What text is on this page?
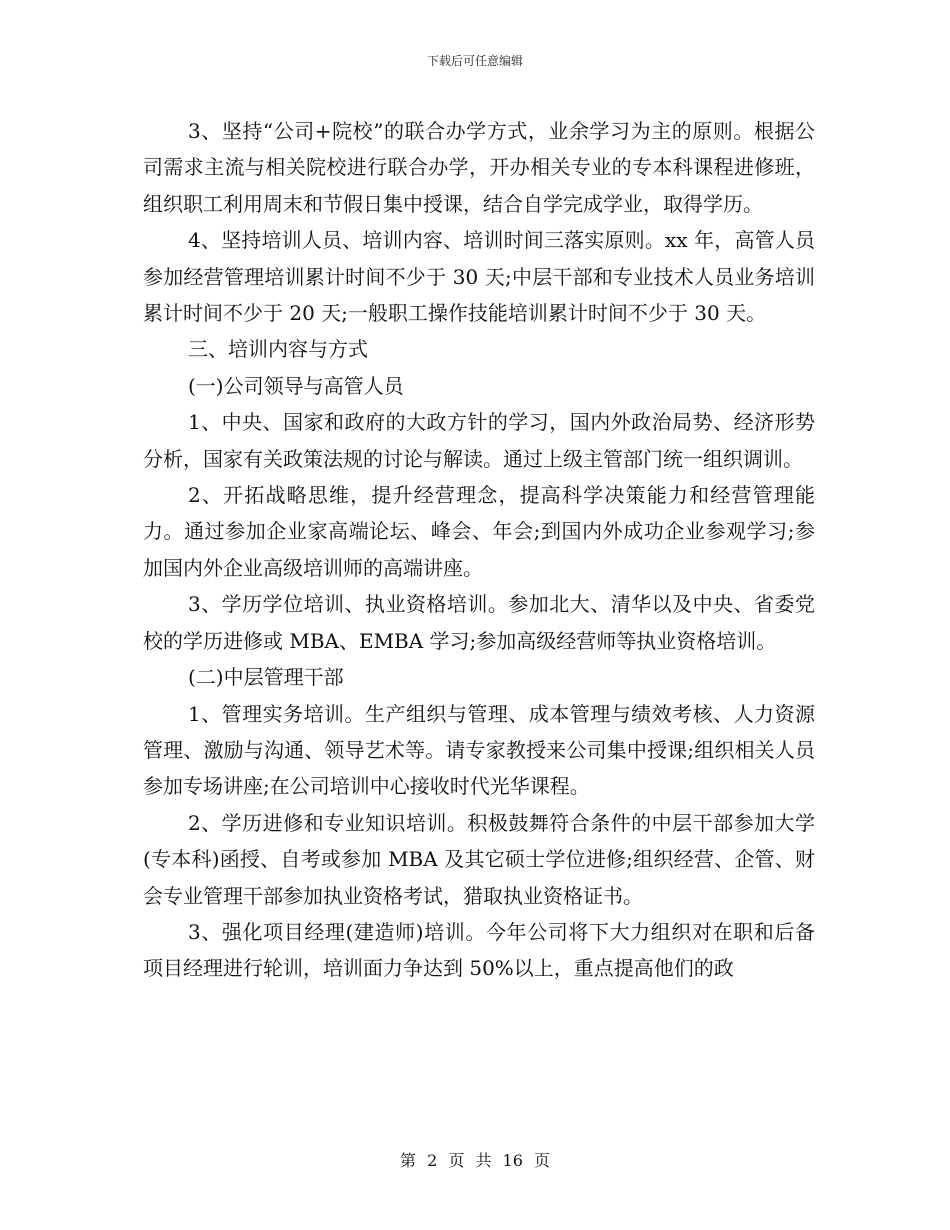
下载后可任意编辑

3、坚持“公司+院校”的联合办学方式，业余学习为主的原则。根据公司需求主流与相关院校进行联合办学，开办相关专业的专本科课程进修班，组织职工利用周末和节假日集中授课，结合自学完成学业，取得学历。

4、坚持培训人员、培训内容、培训时间三落实原则。xx 年，高管人员参加经营管理培训累计时间不少于 30 天;中层干部和专业技术人员业务培训累计时间不少于 20 天;一般职工操作技能培训累计时间不少于 30 天。

三、培训内容与方式

(一)公司领导与高管人员

1、中央、国家和政府的大政方针的学习，国内外政治局势、经济形势分析，国家有关政策法规的讨论与解读。通过上级主管部门统一组织调训。

2、开拓战略思维，提升经营理念，提高科学决策能力和经营管理能力。通过参加企业家高端论坛、峰会、年会;到国内外成功企业参观学习;参加国内外企业高级培训师的高端讲座。

3、学历学位培训、执业资格培训。参加北大、清华以及中央、省委党校的学历进修或 MBA、EMBA 学习;参加高级经营师等执业资格培训。

(二)中层管理干部

1、管理实务培训。生产组织与管理、成本管理与绩效考核、人力资源管理、激励与沟通、领导艺术等。请专家教授来公司集中授课;组织相关人员参加专场讲座;在公司培训中心接收时代光华课程。

2、学历进修和专业知识培训。积极鼓舞符合条件的中层干部参加大学(专本科)函授、自考或参加 MBA 及其它硕士学位进修;组织经营、企管、财会专业管理干部参加执业资格考试，猎取执业资格证书。

3、强化项目经理(建造师)培训。今年公司将下大力组织对在职和后备项目经理进行轮训，培训面力争达到 50%以上，重点提高他们的政

第 2 页 共 16 页
